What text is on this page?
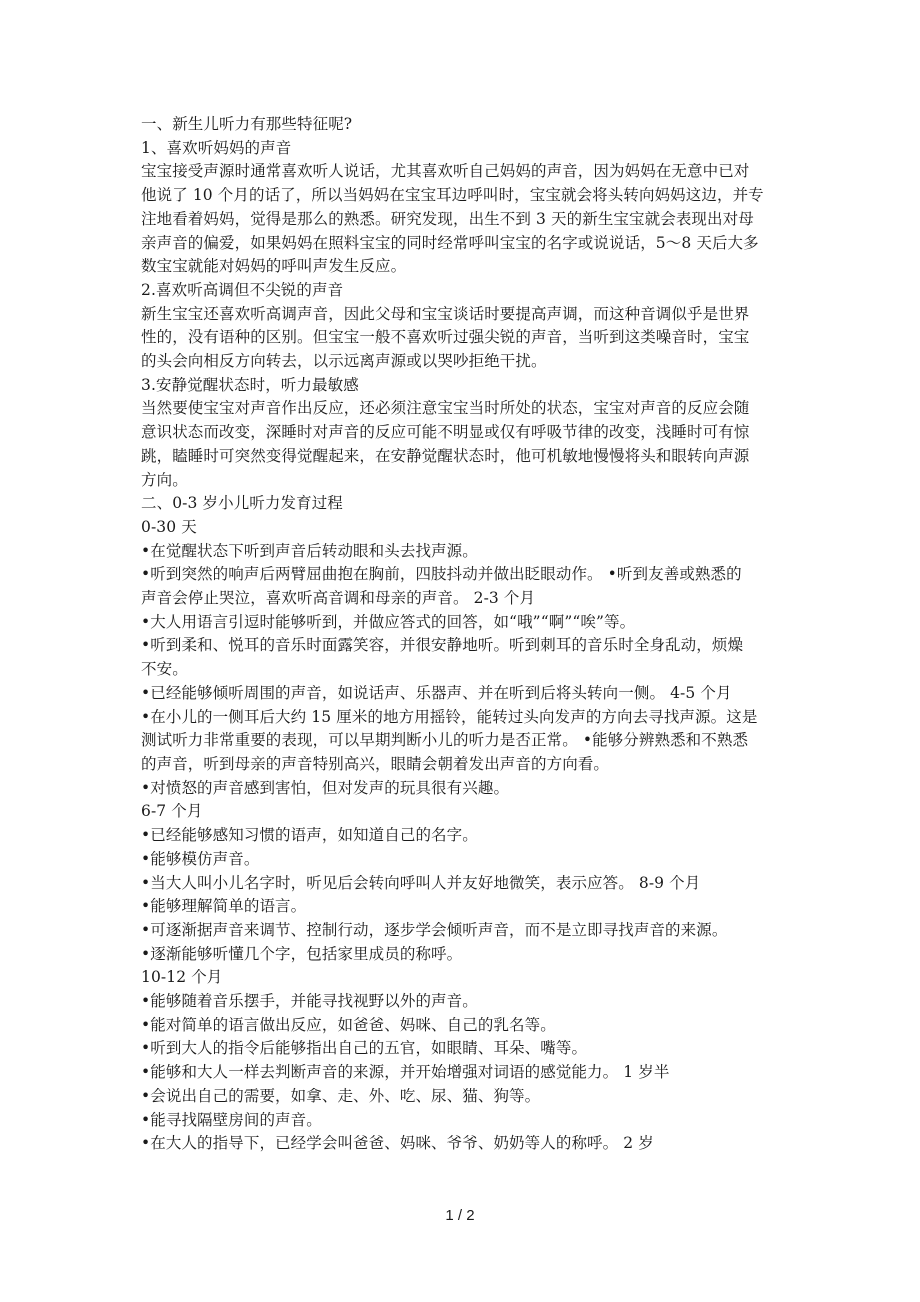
一、新生儿听力有那些特征呢?
1、喜欢听妈妈的声音
宝宝接受声源时通常喜欢听人说话，尤其喜欢听自己妈妈的声音，因为妈妈在无意中已对
他说了 10 个月的话了，所以当妈妈在宝宝耳边呼叫时，宝宝就会将头转向妈妈这边，并专
注地看着妈妈，觉得是那么的熟悉。研究发现，出生不到 3 天的新生宝宝就会表现出对母
亲声音的偏爱，如果妈妈在照料宝宝的同时经常呼叫宝宝的名字或说说话，5～8 天后大多
数宝宝就能对妈妈的呼叫声发生反应。
2.喜欢听高调但不尖锐的声音
新生宝宝还喜欢听高调声音，因此父母和宝宝谈话时要提高声调，而这种音调似乎是世界
性的，没有语种的区别。但宝宝一般不喜欢听过强尖锐的声音，当听到这类噪音时，宝宝
的头会向相反方向转去，以示远离声源或以哭吵拒绝干扰。
3.安静觉醒状态时，听力最敏感
当然要使宝宝对声音作出反应，还必须注意宝宝当时所处的状态，宝宝对声音的反应会随
意识状态而改变，深睡时对声音的反应可能不明显或仅有呼吸节律的改变，浅睡时可有惊
跳，瞌睡时可突然变得觉醒起来，在安静觉醒状态时，他可机敏地慢慢将头和眼转向声源
方向。
二、0-3 岁小儿听力发育过程
0-30 天
•在觉醒状态下听到声音后转动眼和头去找声源。
•听到突然的响声后两臂屈曲抱在胸前，四肢抖动并做出眨眼动作。 •听到友善或熟悉的
声音会停止哭泣，喜欢听高音调和母亲的声音。 2-3 个月
•大人用语言引逗时能够听到，并做应答式的回答，如“哦”“啊”“唉”等。
•听到柔和、悦耳的音乐时面露笑容，并很安静地听。听到刺耳的音乐时全身乱动，烦燥
不安。
•已经能够倾听周围的声音，如说话声、乐器声、并在听到后将头转向一侧。 4-5 个月
•在小儿的一侧耳后大约 15 厘米的地方用摇铃，能转过头向发声的方向去寻找声源。这是
测试听力非常重要的表现，可以早期判断小儿的听力是否正常。 •能够分辨熟悉和不熟悉
的声音，听到母亲的声音特别高兴，眼睛会朝着发出声音的方向看。
•对愤怒的声音感到害怕，但对发声的玩具很有兴趣。
6-7 个月
•已经能够感知习惯的语声，如知道自己的名字。
•能够模仿声音。
•当大人叫小儿名字时，听见后会转向呼叫人并友好地微笑，表示应答。 8-9 个月
•能够理解简单的语言。
•可逐渐据声音来调节、控制行动，逐步学会倾听声音，而不是立即寻找声音的来源。
•逐渐能够听懂几个字，包括家里成员的称呼。
10-12 个月
•能够随着音乐摆手，并能寻找视野以外的声音。
•能对简单的语言做出反应，如爸爸、妈咪、自己的乳名等。
•听到大人的指令后能够指出自己的五官，如眼睛、耳朵、嘴等。
•能够和大人一样去判断声音的来源，并开始增强对词语的感觉能力。 1 岁半
•会说出自己的需要，如拿、走、外、吃、尿、猫、狗等。
•能寻找隔壁房间的声音。
•在大人的指导下，已经学会叫爸爸、妈咪、爷爷、奶奶等人的称呼。 2 岁
1 / 2
